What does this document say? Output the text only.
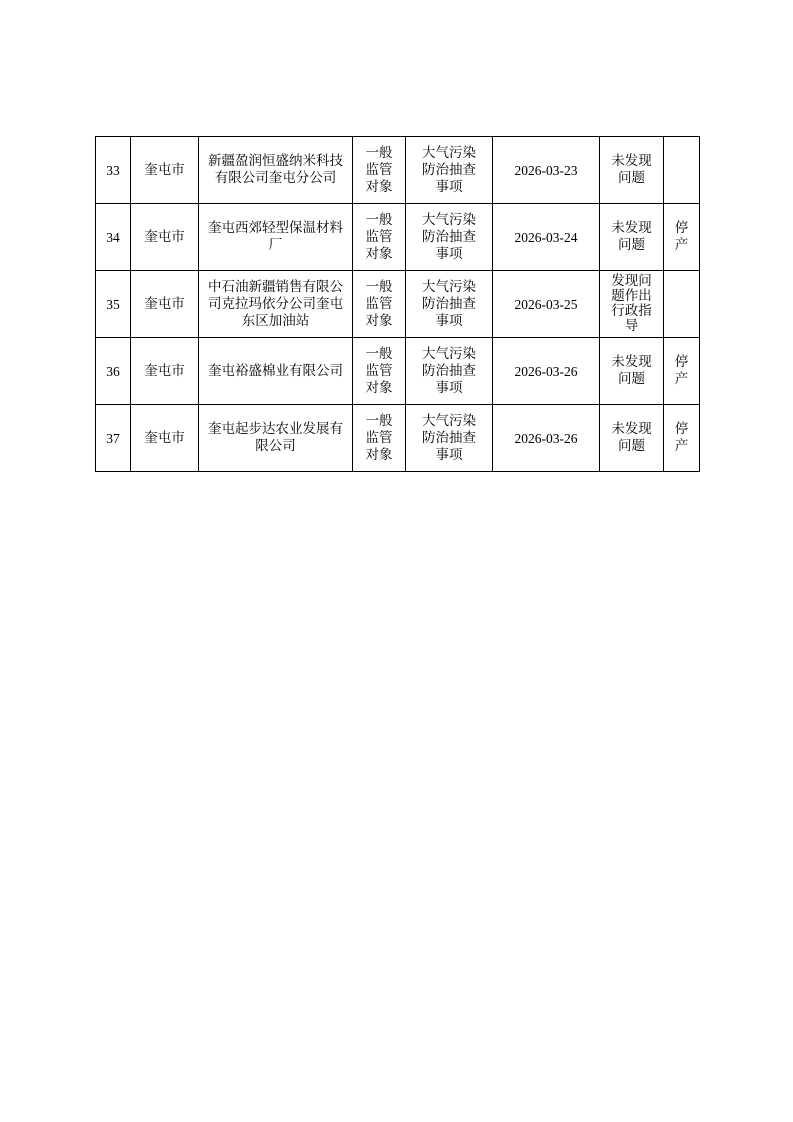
33	奎屯市	新疆盈润恒盛纳米科技有限公司奎屯分公司	一般监管对象	大气污染防治抽查事项	2026-03-23	未发现问题	

34	奎屯市	奎屯西郊轻型保温材料厂	一般监管对象	大气污染防治抽查事项	2026-03-24	未发现问题	停产

35	奎屯市	中石油新疆销售有限公司克拉玛依分公司奎屯东区加油站	一般监管对象	大气污染防治抽查事项	2026-03-25	发现问题作出行政指导	

36	奎屯市	奎屯裕盛棉业有限公司	一般监管对象	大气污染防治抽查事项	2026-03-26	未发现问题	停产

37	奎屯市	奎屯起步达农业发展有限公司	一般监管对象	大气污染防治抽查事项	2026-03-26	未发现问题	停产
